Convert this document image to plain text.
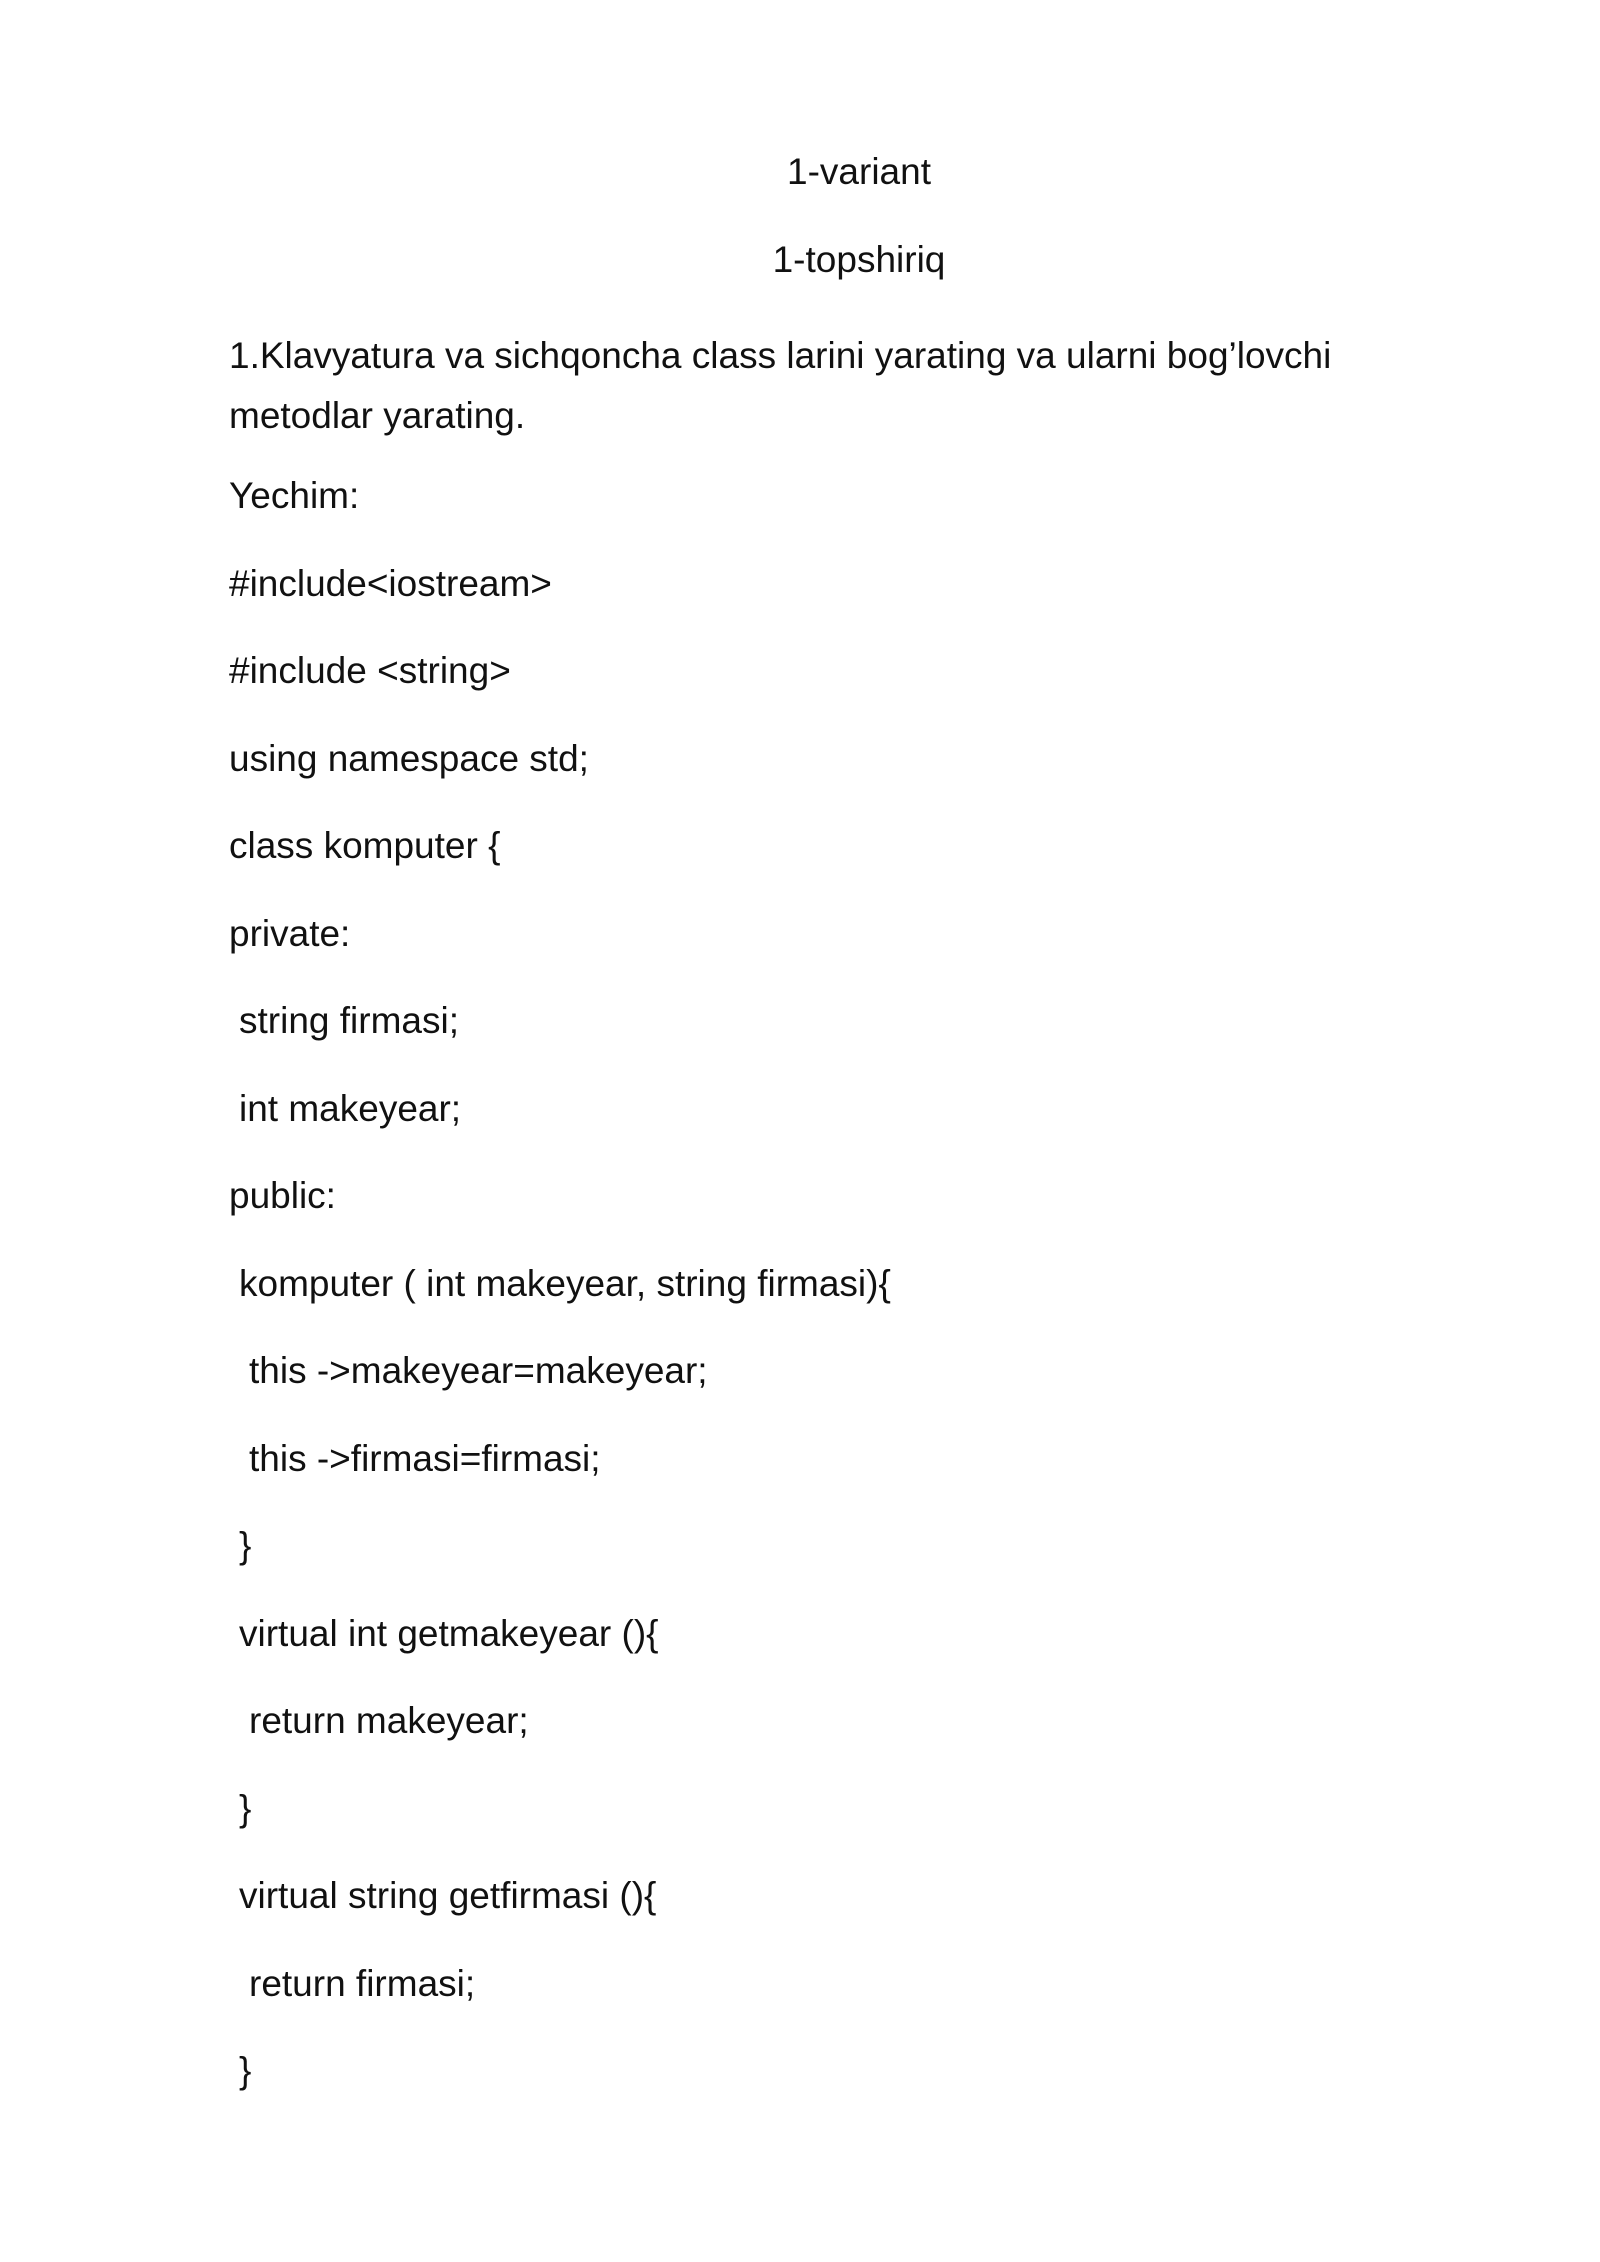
1-variant
1-topshiriq
1.Klavyatura va sichqoncha class larini yarating va ularni bog’lovchi metodlar yarating.
Yechim:
#include<iostream>
#include <string>
using namespace std;
class komputer {
private:
string firmasi;
int makeyear;
public:
komputer ( int makeyear, string firmasi){
this ->makeyear=makeyear;
this ->firmasi=firmasi;
}
virtual int getmakeyear (){
return makeyear;
}
virtual string getfirmasi (){
return firmasi;
}
